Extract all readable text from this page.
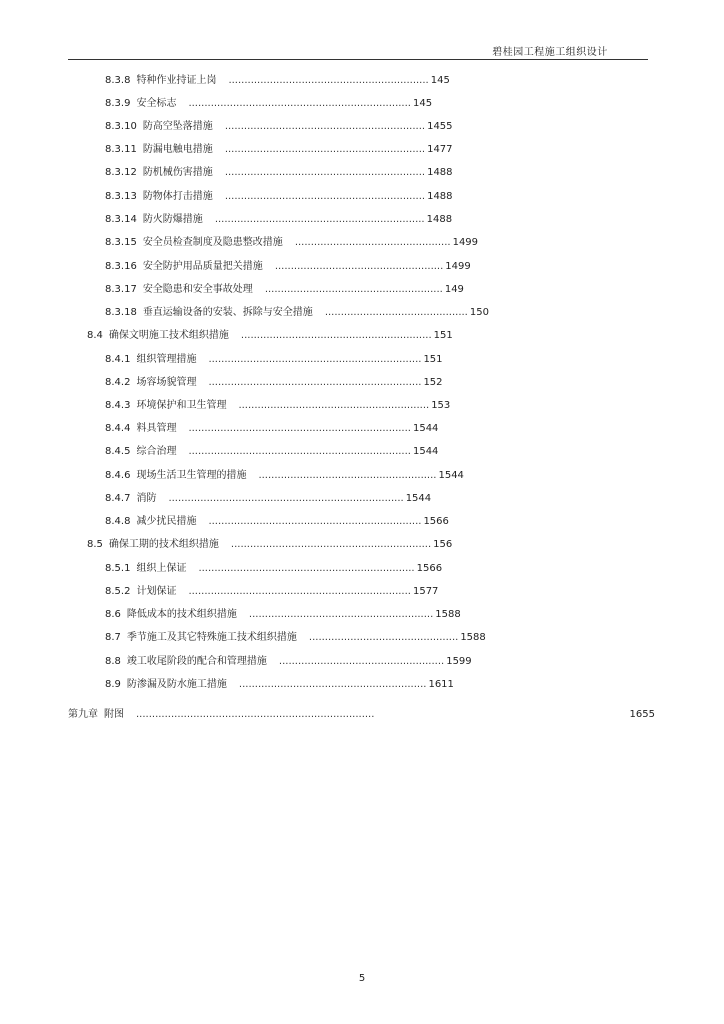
碧桂园工程施工组织设计
8.3.8 特种作业持证上岗 ............................................................... 145
8.3.9 安全标志 ...................................................................... 145
8.3.10 防高空坠落措施 ............................................................... 1455
8.3.11 防漏电触电措施 ............................................................... 1477
8.3.12 防机械伤害措施 ............................................................... 1488
8.3.13 防物体打击措施 ............................................................... 1488
8.3.14 防火防爆措施 .................................................................. 1488
8.3.15 安全员检查制度及隐患整改措施 ................................................. 1499
8.3.16 安全防护用品质量把关措施 ..................................................... 1499
8.3.17 安全隐患和安全事故处理 ........................................................ 149
8.3.18 垂直运输设备的安装、拆除与安全措施 ............................................. 150
8.4 确保文明施工技术组织措施 ............................................................ 151
8.4.1 组织管理措施 ................................................................... 151
8.4.2 场容场貌管理 ................................................................... 152
8.4.3 环境保护和卫生管理 ............................................................ 153
8.4.4 料具管理 ...................................................................... 1544
8.4.5 综合治理 ...................................................................... 1544
8.4.6 现场生活卫生管理的措施 ........................................................ 1544
8.4.7 消防 .......................................................................... 1544
8.4.8 减少扰民措施 ................................................................... 1566
8.5 确保工期的技术组织措施 ............................................................... 156
8.5.1 组织上保证 .................................................................... 1566
8.5.2 计划保证 ...................................................................... 1577
8.6 降低成本的技术组织措施 .......................................................... 1588
8.7 季节施工及其它特殊施工技术组织措施 ............................................... 1588
8.8 竣工收尾阶段的配合和管理措施 .................................................... 1599
8.9 防渗漏及防水施工措施 ........................................................... 1611
第九章 附图 ...........................................................................	1655
5
